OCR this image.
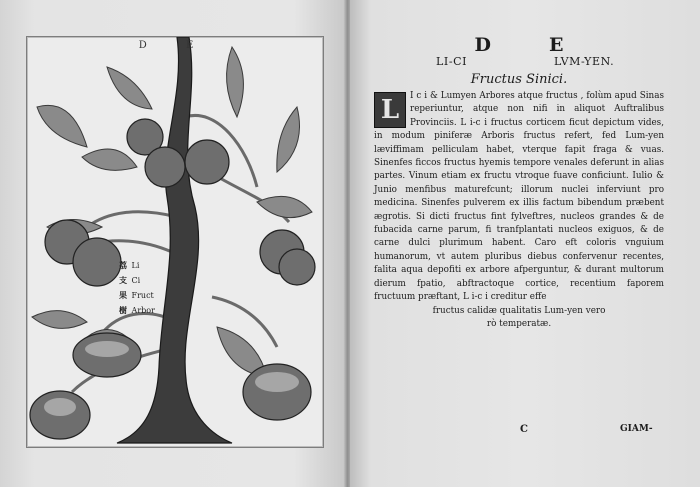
D E
荔 Li
支 Ci
果 Fruct
樹 Arbor
DE
LI-CI	LVM-YEN.
Fructus Sinici.
L	I c i & Lumyen Arbores atque fructus , folùm apud Sinas reperiuntur, atque non nifi in aliquot Auftralibus Provinciis. L i-c i fructus corticem ficut depictum vides, in modum piniferæ Arboris fructus refert, fed Lum-yen læviffimam pelliculam habet, vterque fapit fraga & vuas. Sinenfes ficcos fructus hyemis tempore venales deferunt in alias partes. Vinum etiam ex fructu vtroque fuave conficiunt. Iulio & Junio menfibus maturefcunt; illorum nuclei inferviunt pro medicina. Sinenfes pulverem ex illis factum bibendum præbent ægrotis. Si dicti fructus fint fylveftres, nucleos grandes & de fubacida carne parum, fi tranfplantati nucleos exiguos, & de carne dulci plurimum habent. Caro eft coloris vnguium humanorum, vt autem pluribus diebus confervenur recentes, falita aqua depofiti ex arbore afperguntur, & durant multorum dierum fpatio, abftractoque cortice, recentium faporem fructuum præftant, L i-c i creditur effe

fructus calidæ qualitatis Lum-yen vero

rò temperatæ.

C	GIAM-
